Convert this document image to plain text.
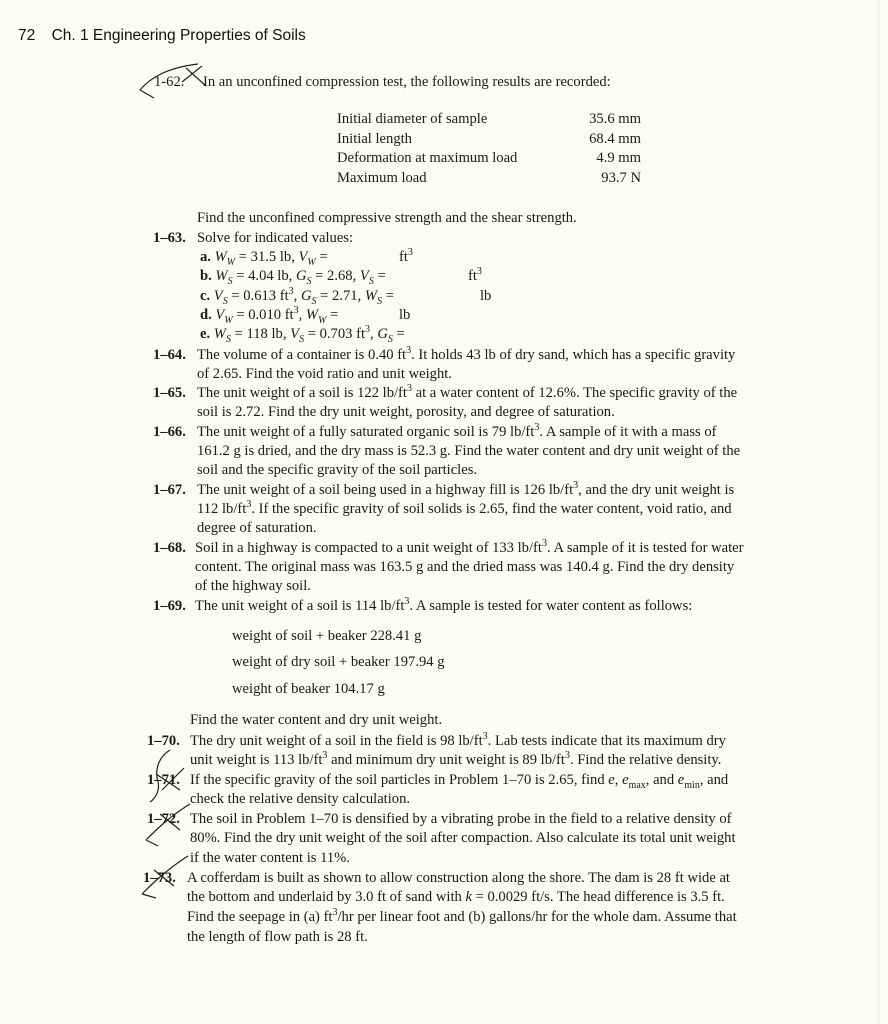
72 Ch. 1 Engineering Properties of Soils
1-62. In an unconfined compression test, the following results are recorded:
Initial diameter of sample	35.6 mm
Initial length	68.4 mm
Deformation at maximum load	4.9 mm
Maximum load	93.7 N
Find the unconfined compressive strength and the shear strength.
1–63. Solve for indicated values:
a. $W_W = 31.5$ lb, $V_W$ =	$ft^3$
b. $W_S = 4.04$ lb, $G_S = 2.68$, $V_S$ =	$ft^3$
c. $V_S = 0.613$ $ft^3$, $G_S = 2.71$, $W_S$ =	lb
d. $V_W = 0.010$ $ft^3$, $W_W$ =	lb
e. $W_S = 118$ lb, $V_S = 0.703$ $ft^3$, $G_S$ =
1–64. The volume of a container is 0.40 $ft^3$. It holds 43 lb of dry sand, which has a specific gravity
of 2.65. Find the void ratio and unit weight.
1–65. The unit weight of a soil is 122 $lb/ft^3$ at a water content of 12.6%. The specific gravity of the
soil is 2.72. Find the dry unit weight, porosity, and degree of saturation.
1–66. The unit weight of a fully saturated organic soil is 79 $lb/ft^3$. A sample of it with a mass of
161.2 g is dried, and the dry mass is 52.3 g. Find the water content and dry unit weight of the
soil and the specific gravity of the soil particles.
1–67. The unit weight of a soil being used in a highway fill is 126 $lb/ft^3$, and the dry unit weight is
112 $lb/ft^3$. If the specific gravity of soil solids is 2.65, find the water content, void ratio, and
degree of saturation.
1–68. Soil in a highway is compacted to a unit weight of 133 $lb/ft^3$. A sample of it is tested for water
content. The original mass was 163.5 g and the dried mass was 140.4 g. Find the dry density
of the highway soil.
1–69. The unit weight of a soil is 114 $lb/ft^3$. A sample is tested for water content as follows:
weight of soil + beaker 228.41 g
weight of dry soil + beaker 197.94 g
weight of beaker 104.17 g
Find the water content and dry unit weight.
1–70. The dry unit weight of a soil in the field is 98 $lb/ft^3$. Lab tests indicate that its maximum dry
unit weight is 113 $lb/ft^3$ and minimum dry unit weight is 89 $lb/ft^3$. Find the relative density.
1–71. If the specific gravity of the soil particles in Problem 1–70 is 2.65, find e, $e_{max}$, and $e_{min}$, and
check the relative density calculation.
1–72. The soil in Problem 1–70 is densified by a vibrating probe in the field to a relative density of
80%. Find the dry unit weight of the soil after compaction. Also calculate its total unit weight
if the water content is 11%.
1–73. A cofferdam is built as shown to allow construction along the shore. The dam is 28 ft wide at
the bottom and underlaid by 3.0 ft of sand with k = 0.0029 ft/s. The head difference is 3.5 ft.
Find the seepage in (a) $ft^3/hr$ per linear foot and (b) gallons/hr for the whole dam. Assume that
the length of flow path is 28 ft.
